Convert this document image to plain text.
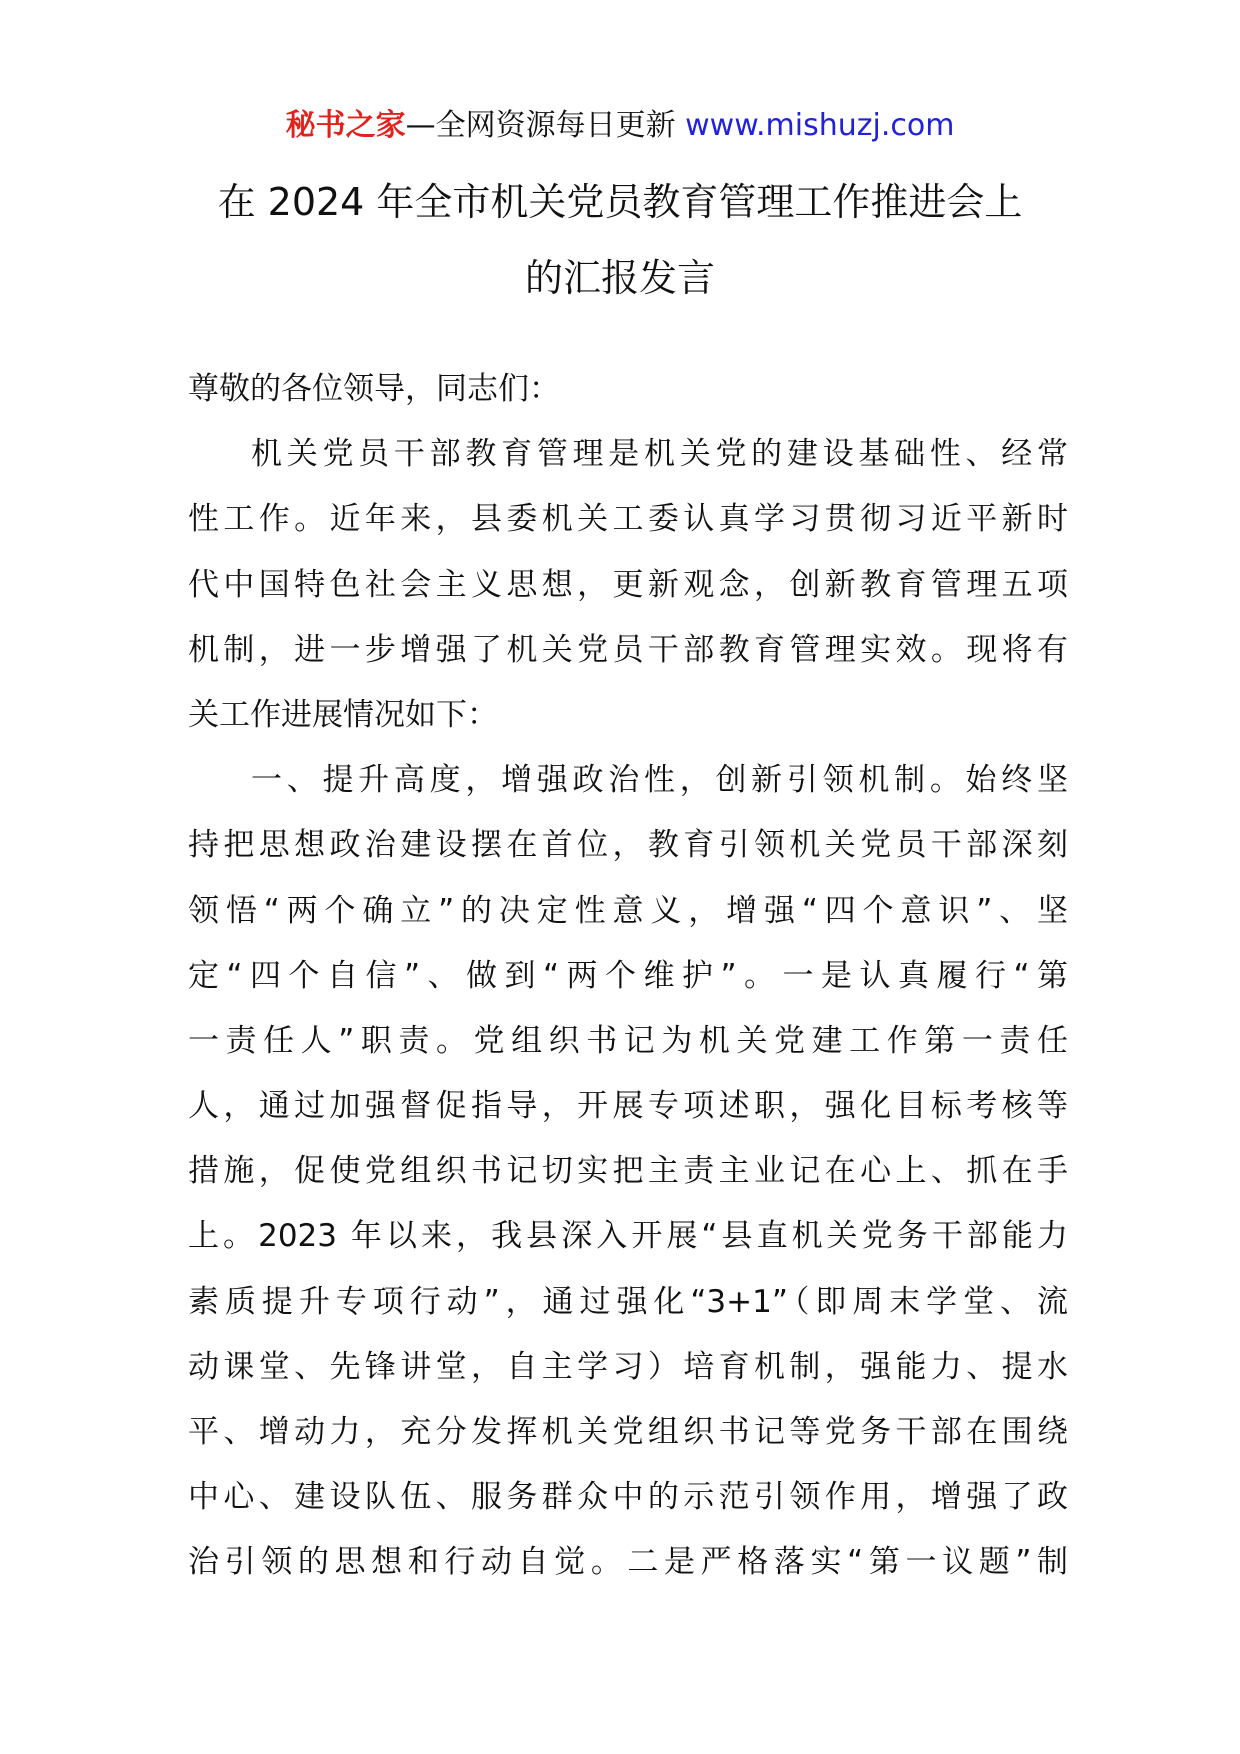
秘书之家—全网资源每日更新 www.mishuzj.com
在 2024 年全市机关党员教育管理工作推进会上
的汇报发言
尊敬的各位领导，同志们：
机关党员干部教育管理是机关党的建设基础性、经常
性工作。近年来，县委机关工委认真学习贯彻习近平新时
代中国特色社会主义思想，更新观念，创新教育管理五项
机制，进一步增强了机关党员干部教育管理实效。现将有
关工作进展情况如下：
一、提升高度，增强政治性，创新引领机制。始终坚
持把思想政治建设摆在首位，教育引领机关党员干部深刻
领悟“两个确立”的决定性意义，增强“四个意识”、坚
定“四个自信”、做到“两个维护”。一是认真履行“第
一责任人”职责。党组织书记为机关党建工作第一责任
人，通过加强督促指导，开展专项述职，强化目标考核等
措施，促使党组织书记切实把主责主业记在心上、抓在手
上。2023 年以来，我县深入开展“县直机关党务干部能力
素质提升专项行动”，通过强化“3+1”（即周末学堂、流
动课堂、先锋讲堂，自主学习）培育机制，强能力、提水
平、增动力，充分发挥机关党组织书记等党务干部在围绕
中心、建设队伍、服务群众中的示范引领作用，增强了政
治引领的思想和行动自觉。二是严格落实“第一议题”制
